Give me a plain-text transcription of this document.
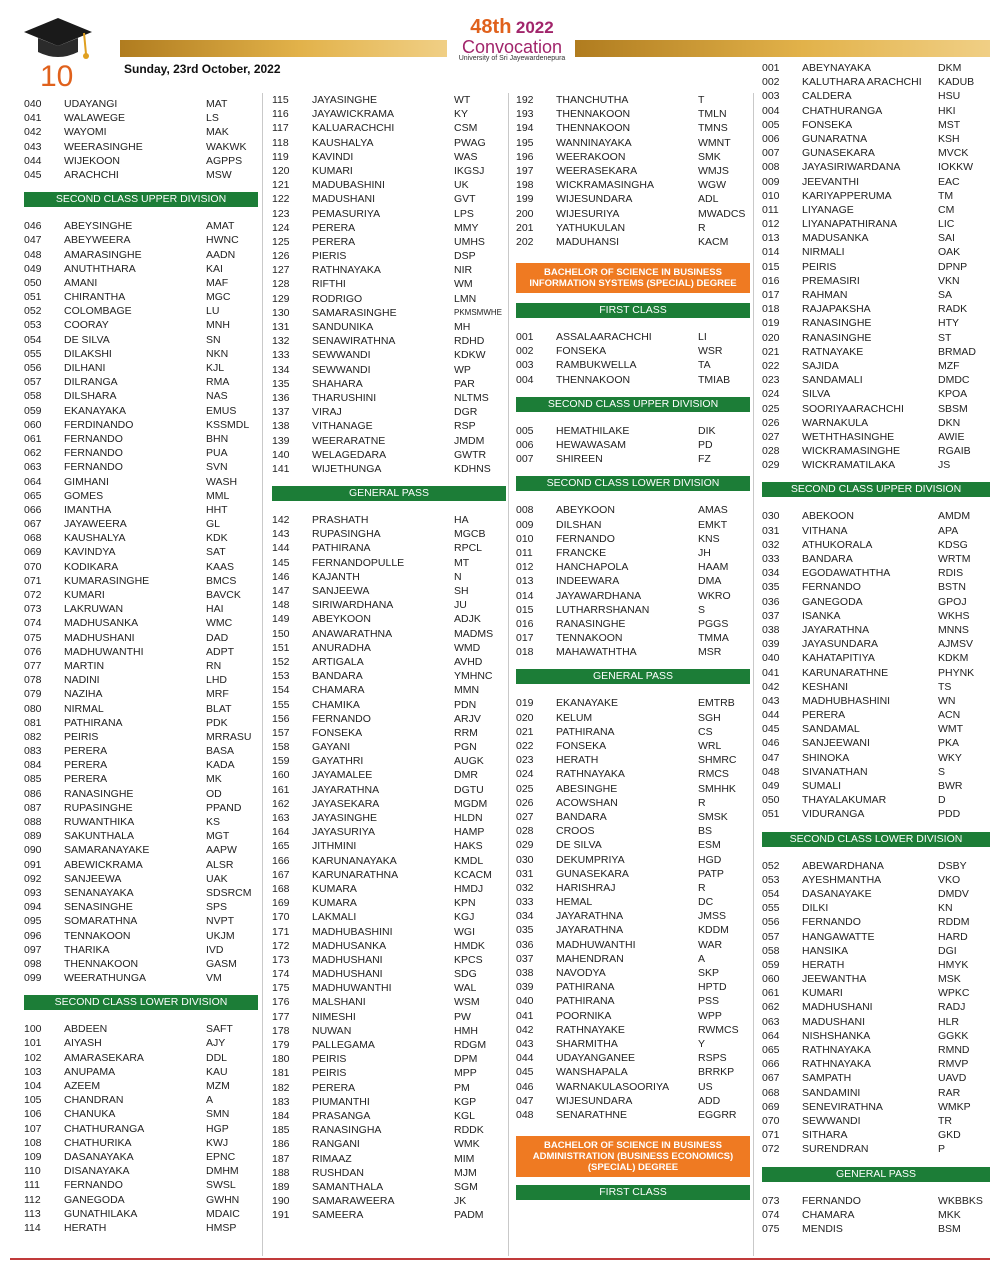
10	Sunday, 23rd October, 2022
48th 2022
Convocation
University of Sri Jayewardenepura
040	UDAYANGI	MAT
041	WALAWEGE	LS
042	WAYOMI	MAK
043	WEERASINGHE	WAKWK
044	WIJEKOON	AGPPS
045	ARACHCHI	MSW
SECOND CLASS UPPER DIVISION
046	ABEYSINGHE	AMAT
047	ABEYWEERA	HWNC
048	AMARASINGHE	AADN
049	ANUTHTHARA	KAI
050	AMANI	MAF
051	CHIRANTHA	MGC
052	COLOMBAGE	LU
053	COORAY	MNH
054	DE SILVA	SN
055	DILAKSHI	NKN
056	DILHANI	KJL
057	DILRANGA	RMA
058	DILSHARA	NAS
059	EKANAYAKA	EMUS
060	FERDINANDO	KSSMDL
061	FERNANDO	BHN
062	FERNANDO	PUA
063	FERNANDO	SVN
064	GIMHANI	WASH
065	GOMES	MML
066	IMANTHA	HHT
067	JAYAWEERA	GL
068	KAUSHALYA	KDK
069	KAVINDYA	SAT
070	KODIKARA	KAAS
071	KUMARASINGHE	BMCS
072	KUMARI	BAVCK
073	LAKRUWAN	HAI
074	MADHUSANKA	WMC
075	MADHUSHANI	DAD
076	MADHUWANTHI	ADPT
077	MARTIN	RN
078	NADINI	LHD
079	NAZIHA	MRF
080	NIRMAL	BLAT
081	PATHIRANA	PDK
082	PEIRIS	MRRASU
083	PERERA	BASA
084	PERERA	KADA
085	PERERA	MK
086	RANASINGHE	OD
087	RUPASINGHE	PPAND
088	RUWANTHIKA	KS
089	SAKUNTHALA	MGT
090	SAMARANAYAKE	AAPW
091	ABEWICKRAMA	ALSR
092	SANJEEWA	UAK
093	SENANAYAKA	SDSRCM
094	SENASINGHE	SPS
095	SOMARATHNA	NVPT
096	TENNAKOON	UKJM
097	THARIKA	IVD
098	THENNAKOON	GASM
099	WEERATHUNGA	VM
SECOND CLASS LOWER DIVISION
100	ABDEEN	SAFT
101	AIYASH	AJY
102	AMARASEKARA	DDL
103	ANUPAMA	KAU
104	AZEEM	MZM
105	CHANDRAN	A
106	CHANUKA	SMN
107	CHATHURANGA	HGP
108	CHATHURIKA	KWJ
109	DASANAYAKA	EPNC
110	DISANAYAKA	DMHM
111	FERNANDO	SWSL
112	GANEGODA	GWHN
113	GUNATHILAKA	MDAIC
114	HERATH	HMSP
115	JAYASINGHE	WT
116	JAYAWICKRAMA	KY
117	KALUARACHCHI	CSM
118	KAUSHALYA	PWAG
119	KAVINDI	WAS
120	KUMARI	IKGSJ
121	MADUBASHINI	UK
122	MADUSHANI	GVT
123	PEMASURIYA	LPS
124	PERERA	MMY
125	PERERA	UMHS
126	PIERIS	DSP
127	RATHNAYAKA	NIR
128	RIFTHI	WM
129	RODRIGO	LMN
130	SAMARASINGHE	PKMSMWHE
131	SANDUNIKA	MH
132	SENAWIRATHNA	RDHD
133	SEWWANDI	KDKW
134	SEWWANDI	WP
135	SHAHARA	PAR
136	THARUSHINI	NLTMS
137	VIRAJ	DGR
138	VITHANAGE	RSP
139	WEERARATNE	JMDM
140	WELAGEDARA	GWTR
141	WIJETHUNGA	KDHNS
GENERAL PASS
142	PRASHATH	HA
143	RUPASINGHA	MGCB
144	PATHIRANA	RPCL
145	FERNANDOPULLE	MT
146	KAJANTH	N
147	SANJEEWA	SH
148	SIRIWARDHANA	JU
149	ABEYKOON	ADJK
150	ANAWARATHNA	MADMS
151	ANURADHA	WMD
152	ARTIGALA	AVHD
153	BANDARA	YMHNC
154	CHAMARA	MMN
155	CHAMIKA	PDN
156	FERNANDO	ARJV
157	FONSEKA	RRM
158	GAYANI	PGN
159	GAYATHRI	AUGK
160	JAYAMALEE	DMR
161	JAYARATHNA	DGTU
162	JAYASEKARA	MGDM
163	JAYASINGHE	HLDN
164	JAYASURIYA	HAMP
165	JITHMINI	HAKS
166	KARUNANAYAKA	KMDL
167	KARUNARATHNA	KCACM
168	KUMARA	HMDJ
169	KUMARA	KPN
170	LAKMALI	KGJ
171	MADHUBASHINI	WGI
172	MADHUSANKA	HMDK
173	MADHUSHANI	KPCS
174	MADHUSHANI	SDG
175	MADHUWANTHI	WAL
176	MALSHANI	WSM
177	NIMESHI	PW
178	NUWAN	HMH
179	PALLEGAMA	RDGM
180	PEIRIS	DPM
181	PEIRIS	MPP
182	PERERA	PM
183	PIUMANTHI	KGP
184	PRASANGA	KGL
185	RANASINGHA	RDDK
186	RANGANI	WMK
187	RIMAAZ	MIM
188	RUSHDAN	MJM
189	SAMANTHALA	SGM
190	SAMARAWEERA	JK
191	SAMEERA	PADM
192	THANCHUTHA	T
193	THENNAKOON	TMLN
194	THENNAKOON	TMNS
195	WANNINAYAKA	WMNT
196	WEERAKOON	SMK
197	WEERASEKARA	WMJS
198	WICKRAMASINGHA	WGW
199	WIJESUNDARA	ADL
200	WIJESURIYA	MWADCS
201	YATHUKULAN	R
202	MADUHANSI	KACM
BACHELOR OF SCIENCE IN BUSINESS INFORMATION SYSTEMS (SPECIAL) DEGREE
FIRST CLASS
001	ASSALAARACHCHI	LI
002	FONSEKA	WSR
003	RAMBUKWELLA	TA
004	THENNAKOON	TMIAB
SECOND CLASS UPPER DIVISION
005	HEMATHILAKE	DIK
006	HEWAWASAM	PD
007	SHIREEN	FZ
SECOND CLASS LOWER DIVISION
008	ABEYKOON	AMAS
009	DILSHAN	EMKT
010	FERNANDO	KNS
011	FRANCKE	JH
012	HANCHAPOLA	HAAM
013	INDEEWARA	DMA
014	JAYAWARDHANA	WKRO
015	LUTHARRSHANAN	S
016	RANASINGHE	PGGS
017	TENNAKOON	TMMA
018	MAHAWATHTHA	MSR
GENERAL PASS
019	EKANAYAKE	EMTRB
020	KELUM	SGH
021	PATHIRANA	CS
022	FONSEKA	WRL
023	HERATH	SHMRC
024	RATHNAYAKA	RMCS
025	ABESINGHE	SMHHK
026	ACOWSHAN	R
027	BANDARA	SMSK
028	CROOS	BS
029	DE SILVA	ESM
030	DEKUMPRIYA	HGD
031	GUNASEKARA	PATP
032	HARISHRAJ	R
033	HEMAL	DC
034	JAYARATHNA	JMSS
035	JAYARATHNA	KDDM
036	MADHUWANTHI	WAR
037	MAHENDRAN	A
038	NAVODYA	SKP
039	PATHIRANA	HPTD
040	PATHIRANA	PSS
041	POORNIKA	WPP
042	RATHNAYAKE	RWMCS
043	SHARMITHA	Y
044	UDAYANGANEE	RSPS
045	WANSHAPALA	BRRKP
046	WARNAKULASOORIYA	US
047	WIJESUNDARA	ADD
048	SENARATHNE	EGGRR
BACHELOR OF SCIENCE IN BUSINESS ADMINISTRATION (BUSINESS ECONOMICS) (SPECIAL) DEGREE
FIRST CLASS
001	ABEYNAYAKA	DKM
002	KALUTHARA ARACHCHI	KADUB
003	CALDERA	HSU
004	CHATHURANGA	HKI
005	FONSEKA	MST
006	GUNARATNA	KSH
007	GUNASEKARA	MVCK
008	JAYASIRIWARDANA	IOKKW
009	JEEVANTHI	EAC
010	KARIYAPPERUMA	TM
011	LIYANAGE	CM
012	LIYANAPATHIRANA	LIC
013	MADUSANKA	SAI
014	NIRMALI	OAK
015	PEIRIS	DPNP
016	PREMASIRI	VKN
017	RAHMAN	SA
018	RAJAPAKSHA	RADK
019	RANASINGHE	HTY
020	RANASINGHE	ST
021	RATNAYAKE	BRMAD
022	SAJIDA	MZF
023	SANDAMALI	DMDC
024	SILVA	KPOA
025	SOORIYAARACHCHI	SBSM
026	WARNAKULA	DKN
027	WETHTHASINGHE	AWIE
028	WICKRAMASINGHE	RGAIB
029	WICKRAMATILAKA	JS
SECOND CLASS UPPER DIVISION
030	ABEKOON	AMDM
031	VITHANA	APA
032	ATHUKORALA	KDSG
033	BANDARA	WRTM
034	EGODAWATHTHA	RDIS
035	FERNANDO	BSTN
036	GANEGODA	GPOJ
037	ISANKA	WKHS
038	JAYARATHNA	MNNS
039	JAYASUNDARA	AJMSV
040	KAHATAPITIYA	KDKM
041	KARUNARATHNE	PHYNK
042	KESHANI	TS
043	MADHUBHASHINI	WN
044	PERERA	ACN
045	SANDAMAL	WMT
046	SANJEEWANI	PKA
047	SHINOKA	WKY
048	SIVANATHAN	S
049	SUMALI	BWR
050	THAYALAKUMAR	D
051	VIDURANGA	PDD
SECOND CLASS LOWER DIVISION
052	ABEWARDHANA	DSBY
053	AYESHMANTHA	VKO
054	DASANAYAKE	DMDV
055	DILKI	KN
056	FERNANDO	RDDM
057	HANGAWATTE	HARD
058	HANSIKA	DGI
059	HERATH	HMYK
060	JEEWANTHA	MSK
061	KUMARI	WPKC
062	MADHUSHANI	RADJ
063	MADUSHANI	HLR
064	NISHSHANKA	GGKK
065	RATHNAYAKA	RMND
066	RATHNAYAKA	RMVP
067	SAMPATH	UAVD
068	SANDAMINI	RAR
069	SENEVIRATHNA	WMKP
070	SEWWANDI	TR
071	SITHARA	GKD
072	SURENDRAN	P
GENERAL PASS
073	FERNANDO	WKBBKS
074	CHAMARA	MKK
075	MENDIS	BSM
